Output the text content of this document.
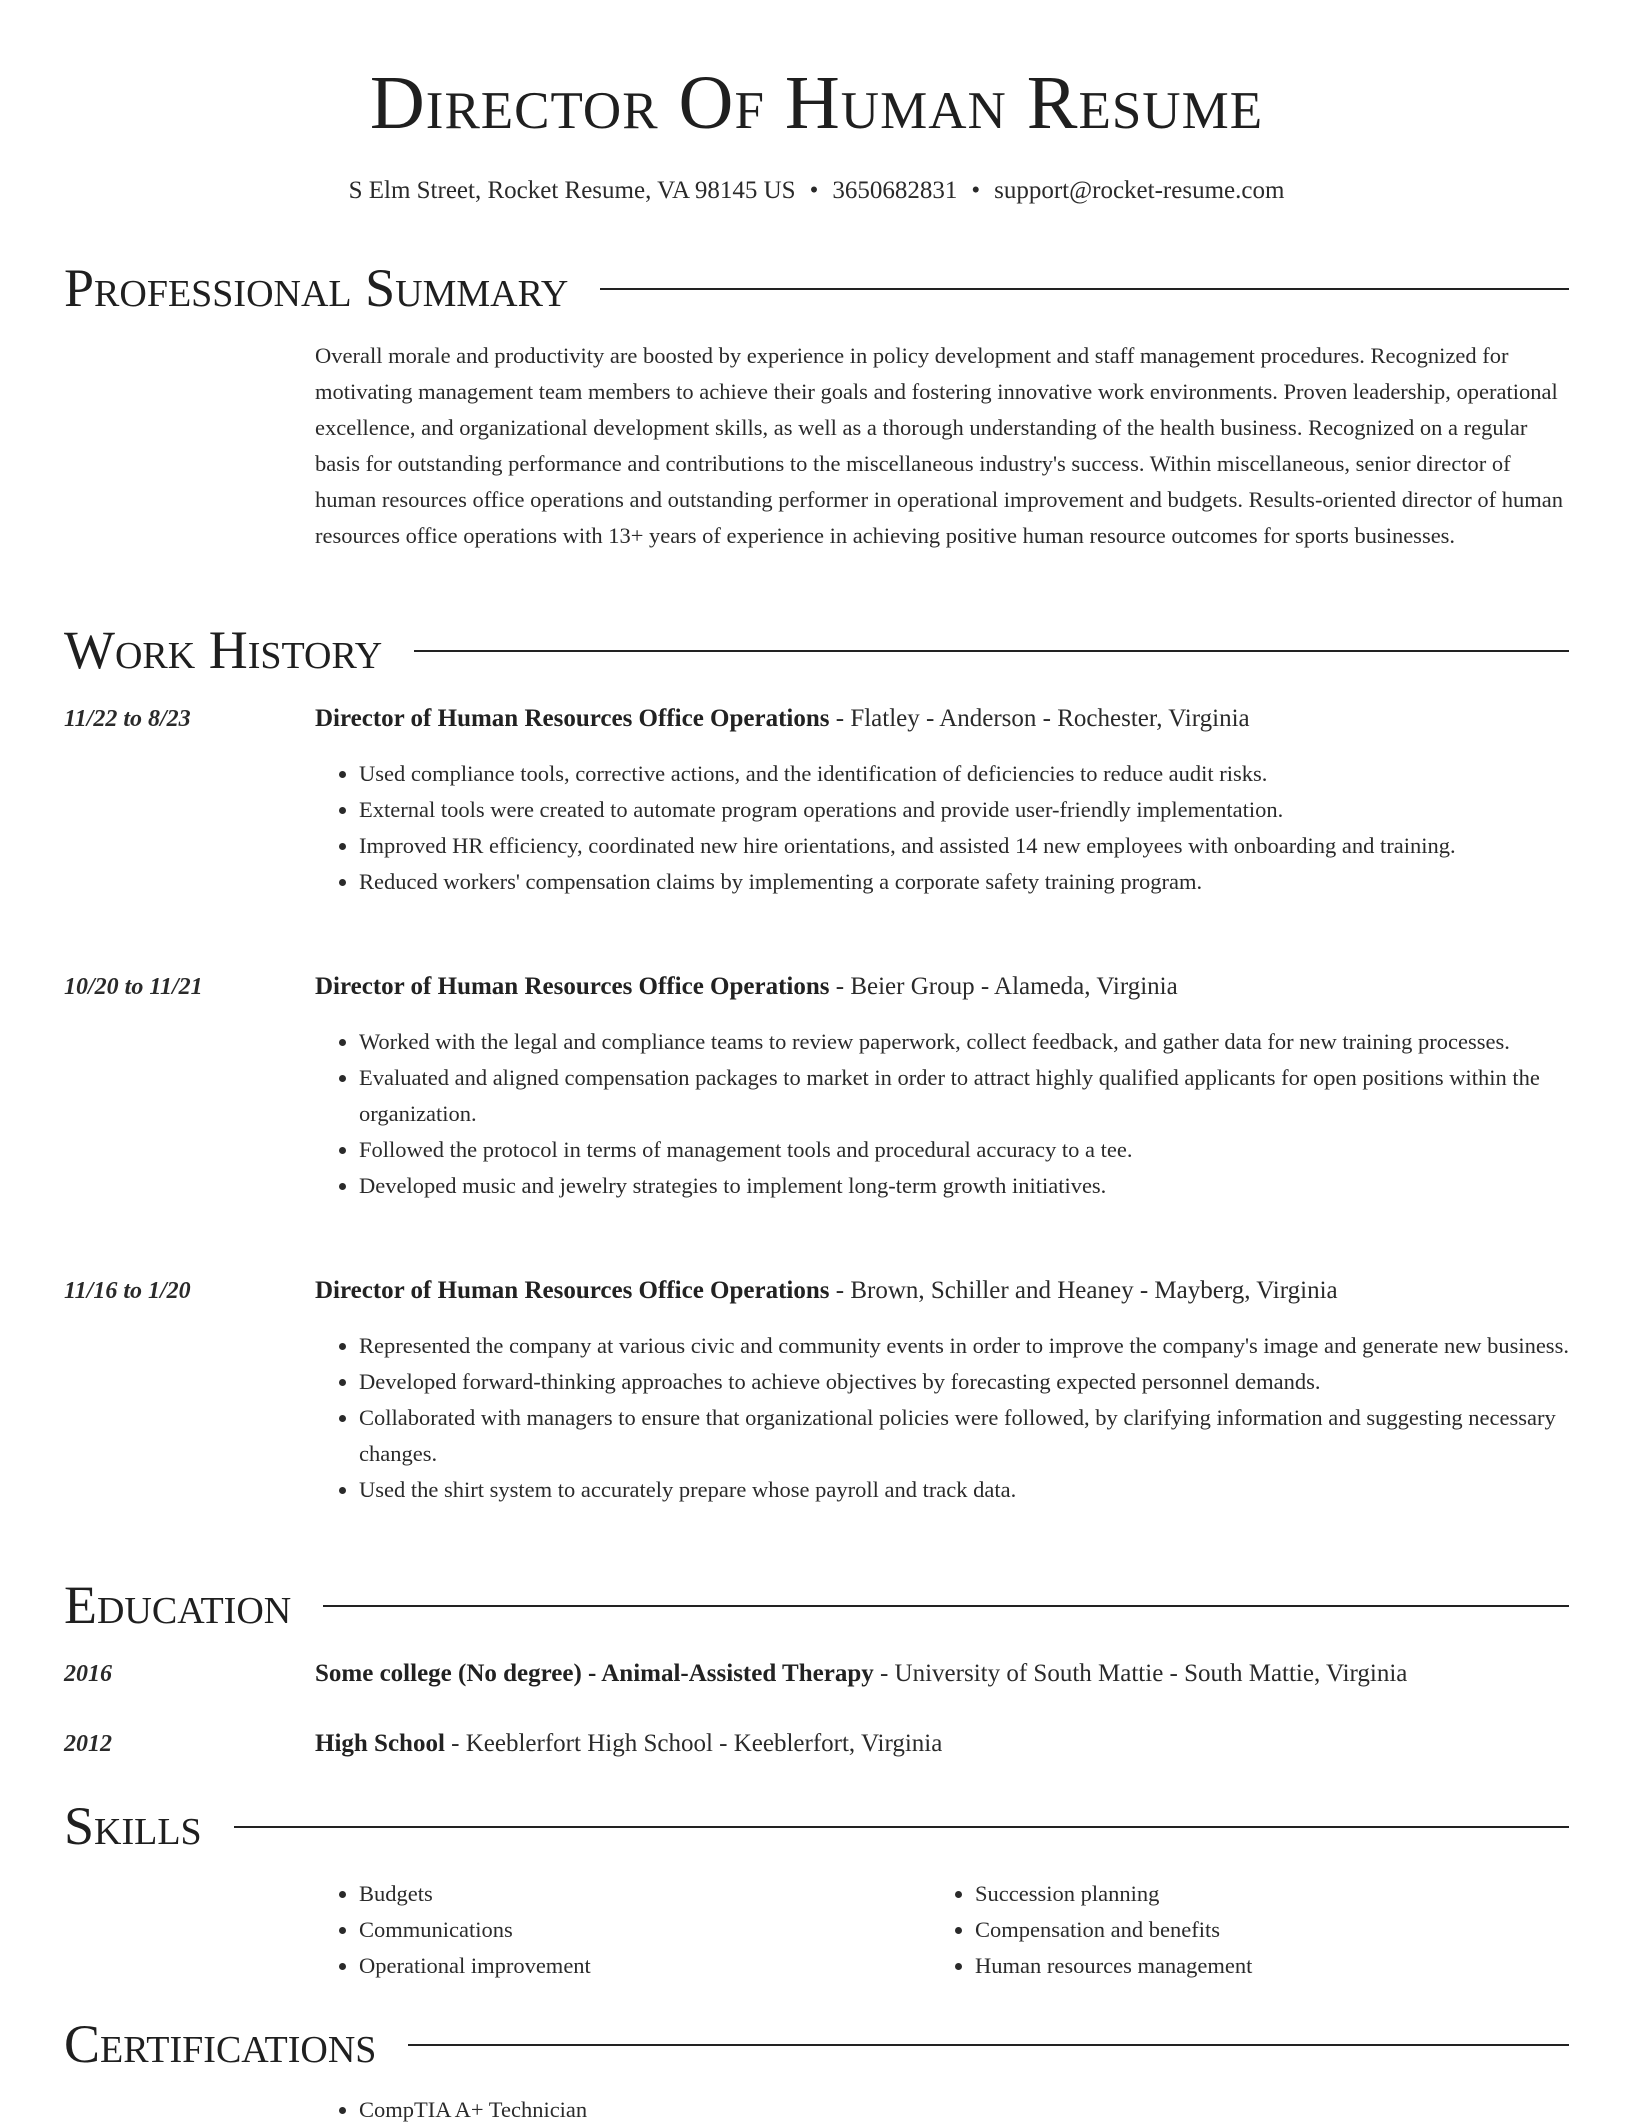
Director Of Human Resume
S Elm Street, Rocket Resume, VA 98145 US • 3650682831 • support@rocket-resume.com
Professional Summary

Overall morale and productivity are boosted by experience in policy development and staff management procedures. Recognized for motivating management team members to achieve their goals and fostering innovative work environments. Proven leadership, operational excellence, and organizational development skills, as well as a thorough understanding of the health business. Recognized on a regular basis for outstanding performance and contributions to the miscellaneous industry's success. Within miscellaneous, senior director of human resources office operations and outstanding performer in operational improvement and budgets. Results-oriented director of human resources office operations with 13+ years of experience in achieving positive human resource outcomes for sports businesses.

Work History
11/22 to 8/23	Director of Human Resources Office Operations - Flatley - Anderson - Rochester, Virginia
• Used compliance tools, corrective actions, and the identification of deficiencies to reduce audit risks.
• External tools were created to automate program operations and provide user-friendly implementation.
• Improved HR efficiency, coordinated new hire orientations, and assisted 14 new employees with onboarding and training.
• Reduced workers' compensation claims by implementing a corporate safety training program.
10/20 to 11/21	Director of Human Resources Office Operations - Beier Group - Alameda, Virginia
• Worked with the legal and compliance teams to review paperwork, collect feedback, and gather data for new training processes.
• Evaluated and aligned compensation packages to market in order to attract highly qualified applicants for open positions within the organization.
• Followed the protocol in terms of management tools and procedural accuracy to a tee.
• Developed music and jewelry strategies to implement long-term growth initiatives.
11/16 to 1/20	Director of Human Resources Office Operations - Brown, Schiller and Heaney - Mayberg, Virginia
• Represented the company at various civic and community events in order to improve the company's image and generate new business.
• Developed forward-thinking approaches to achieve objectives by forecasting expected personnel demands.
• Collaborated with managers to ensure that organizational policies were followed, by clarifying information and suggesting necessary changes.
• Used the shirt system to accurately prepare whose payroll and track data.
Education
2016	Some college (No degree) - Animal-Assisted Therapy - University of South Mattie - South Mattie, Virginia
2012	High School - Keeblerfort High School - Keeblerfort, Virginia
Skills
• Budgets
• Communications
• Operational improvement
• Succession planning
• Compensation and benefits
• Human resources management
Certifications
• CompTIA A+ Technician
